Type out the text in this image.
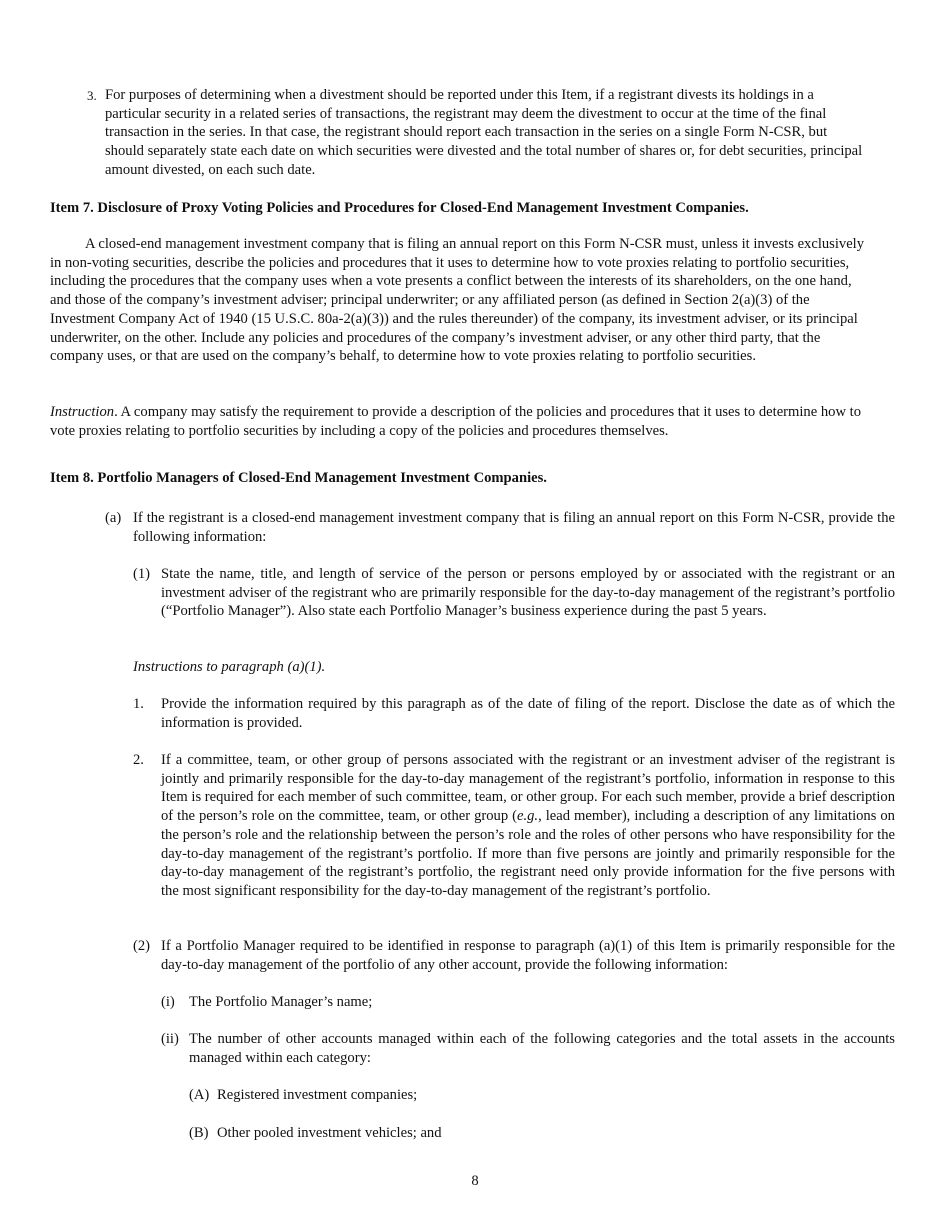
3. For purposes of determining when a divestment should be reported under this Item, if a registrant divests its holdings in a particular security in a related series of transactions, the registrant may deem the divestment to occur at the time of the final transaction in the series. In that case, the registrant should report each transaction in the series on a single Form N-CSR, but should separately state each date on which securities were divested and the total number of shares or, for debt securities, principal amount divested, on each such date.

Item 7. Disclosure of Proxy Voting Policies and Procedures for Closed-End Management Investment Companies.

A closed-end management investment company that is filing an annual report on this Form N-CSR must, unless it invests exclusively in non-voting securities, describe the policies and procedures that it uses to determine how to vote proxies relating to portfolio securities, including the procedures that the company uses when a vote presents a conflict between the interests of its shareholders, on the one hand, and those of the company’s investment adviser; principal underwriter; or any affiliated person (as defined in Section 2(a)(3) of the Investment Company Act of 1940 (15 U.S.C. 80a-2(a)(3)) and the rules thereunder) of the company, its investment adviser, or its principal underwriter, on the other. Include any policies and procedures of the company’s investment adviser, or any other third party, that the company uses, or that are used on the company’s behalf, to determine how to vote proxies relating to portfolio securities.

Instruction. A company may satisfy the requirement to provide a description of the policies and procedures that it uses to determine how to vote proxies relating to portfolio securities by including a copy of the policies and procedures themselves.

Item 8. Portfolio Managers of Closed-End Management Investment Companies.
(a) If the registrant is a closed-end management investment company that is filing an annual report on this Form N-CSR, provide the following information:

(1) State the name, title, and length of service of the person or persons employed by or associated with the registrant or an investment adviser of the registrant who are primarily responsible for the day-to-day management of the registrant’s portfolio (“Portfolio Manager”). Also state each Portfolio Manager’s business experience during the past 5 years.

Instructions to paragraph (a)(1).
1.	Provide the information required by this paragraph as of the date of filing of the report. Disclose the date as of which the information is provided.

2.	If a committee, team, or other group of persons associated with the registrant or an investment adviser of the registrant is jointly and primarily responsible for the day-to-day management of the registrant’s portfolio, information in response to this Item is required for each member of such committee, team, or other group. For each such member, provide a brief description of the person’s role on the committee, team, or other group (e.g., lead member), including a description of any limitations on the person’s role and the relationship between the person’s role and the roles of other persons who have responsibility for the day-to-day management of the registrant’s portfolio. If more than five persons are jointly and primarily responsible for the day-to-day management of the registrant’s portfolio, the registrant need only provide information for the five persons with the most significant responsibility for the day-to-day management of the registrant’s portfolio.

(2) If a Portfolio Manager required to be identified in response to paragraph (a)(1) of this Item is primarily responsible for the day-to-day management of the portfolio of any other account, provide the following information:

(i) The Portfolio Manager’s name;

(ii) The number of other accounts managed within each of the following categories and the total assets in the accounts managed within each category:

(A) Registered investment companies;

(B) Other pooled investment vehicles; and

8
